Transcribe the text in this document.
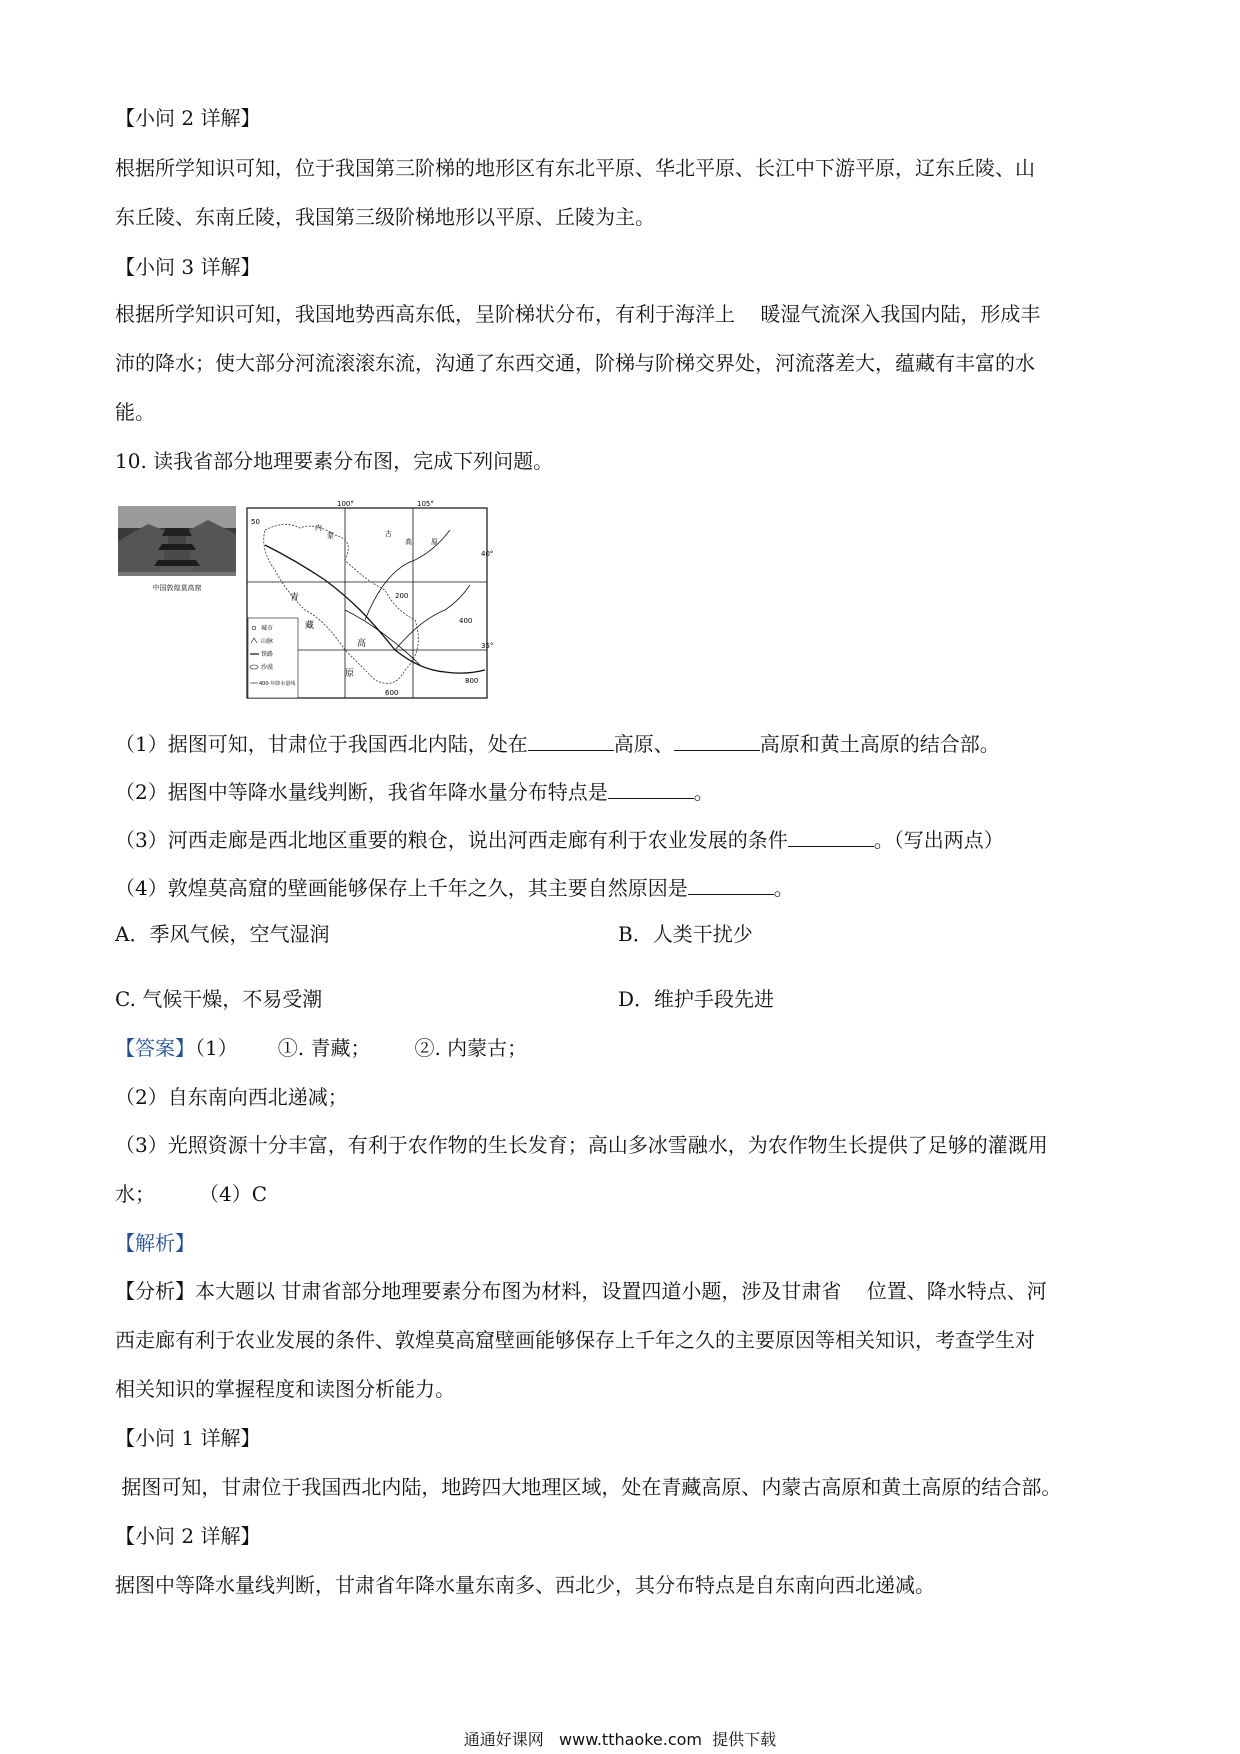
【小问 2 详解】
根据所学知识可知，位于我国第三阶梯的地形区有东北平原、华北平原、长江中下游平原，辽东丘陵、山
东丘陵、东南丘陵，我国第三级阶梯地形以平原、丘陵为主。
【小问 3 详解】
根据所学知识可知，我国地势西高东低，呈阶梯状分布，有利于海洋上    暖湿气流深入我国内陆，形成丰
沛的降水；使大部分河流滚滚东流，沟通了东西交通，阶梯与阶梯交界处，河流落差大，蕴藏有丰富的水
能。
10. 读我省部分地理要素分布图，完成下列问题。
中国敦煌莫高窟
100°	105°
40°
35°
50
内
蒙	古
高	原
青
藏
高
原
200
400
600
800
城市
山脉
铁路
沙漠
400-年降水量线
（1）据图可知，甘肃位于我国西北内陆，处在	高原、	高原和黄土高原的结合部。
（2）据图中等降水量线判断，我省年降水量分布特点是	。
（3）河西走廊是西北地区重要的粮仓，说出河西走廊有利于农业发展的条件	。（写出两点）
（4）敦煌莫高窟的壁画能够保存上千年之久，其主要自然原因是	。
A．季风气候，空气湿润	B．人类干扰少
C. 气候干燥，不易受潮	D．维护手段先进
【答案】（1） ①. 青藏； ②. 内蒙古；
（2）自东南向西北递减；
（3）光照资源十分丰富，有利于农作物的生长发育；高山多冰雪融水，为农作物生长提供了足够的灌溉用
水； （4）C
【解析】
【分析】本大题以 甘肃省部分地理要素分布图为材料，设置四道小题，涉及甘肃省    位置、降水特点、河
西走廊有利于农业发展的条件、敦煌莫高窟壁画能够保存上千年之久的主要原因等相关知识，考查学生对
相关知识的掌握程度和读图分析能力。
【小问 1 详解】
据图可知，甘肃位于我国西北内陆，地跨四大地理区域，处在青藏高原、内蒙古高原和黄土高原的结合部。
【小问 2 详解】
据图中等降水量线判断，甘肃省年降水量东南多、西北少，其分布特点是自东南向西北递减。
通通好课网   www.tthaoke.com  提供下载
